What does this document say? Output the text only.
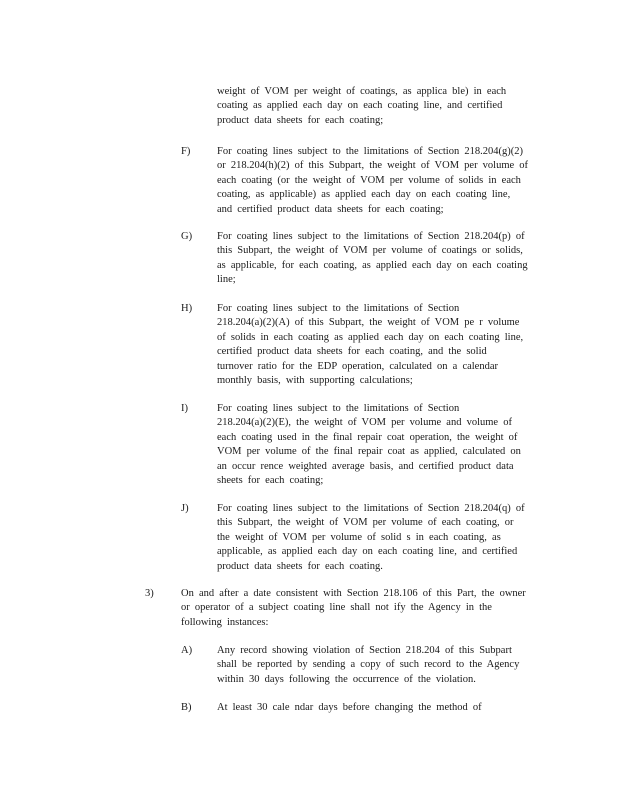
weight of VOM per weight of coatings, as applica ble) in each
coating as applied each day on each coating line, and certified
product data sheets for each coating;
F)	For coating lines subject to the limitations of Section 218.204(g)(2)
or 218.204(h)(2) of this Subpart, the weight of VOM per volume of
each coating (or the weight of VOM per volume of solids in each
coating, as applicable) as applied each day on each coating line,
and certified product data sheets for each coating;
G) For coating lines subject to the limitations of Section 218.204(p) of
this Subpart, the weight of VOM per volume of coatings or solids,
as applicable, for each coating, as applied each day on each coating
line;
H) For coating lines subject to the limitations of Section
218.204(a)(2)(A) of this Subpart, the weight of VOM pe r volume
of solids in each coating as applied each day on each coating line,
certified product data sheets for each coating, and the solid
turnover ratio for the EDP operation, calculated on a calendar
monthly basis, with supporting calculations;
I)	For coating lines subject to the limitations of Section
218.204(a)(2)(E), the weight of VOM per volume and volume of
each coating used in the final repair coat operation, the weight of
VOM per volume of the final repair coat as applied, calculated on
an occur rence weighted average basis, and certified product data
sheets for each coating;
J)	For coating lines subject to the limitations of Section 218.204(q) of
this Subpart, the weight of VOM per volume of each coating, or
the weight of VOM per volume of solid s in each coating, as
applicable, as applied each day on each coating line, and certified
product data sheets for each coating.
3)	On and after a date consistent with Section 218.106 of this Part, the owner
or operator of a subject coating line shall not ify the Agency in the
following instances:
A) Any record showing violation of Section 218.204 of this Subpart
shall be reported by sending a copy of such record to the Agency
within 30 days following the occurrence of the violation.
B) At least 30 cale ndar days before changing the method of
